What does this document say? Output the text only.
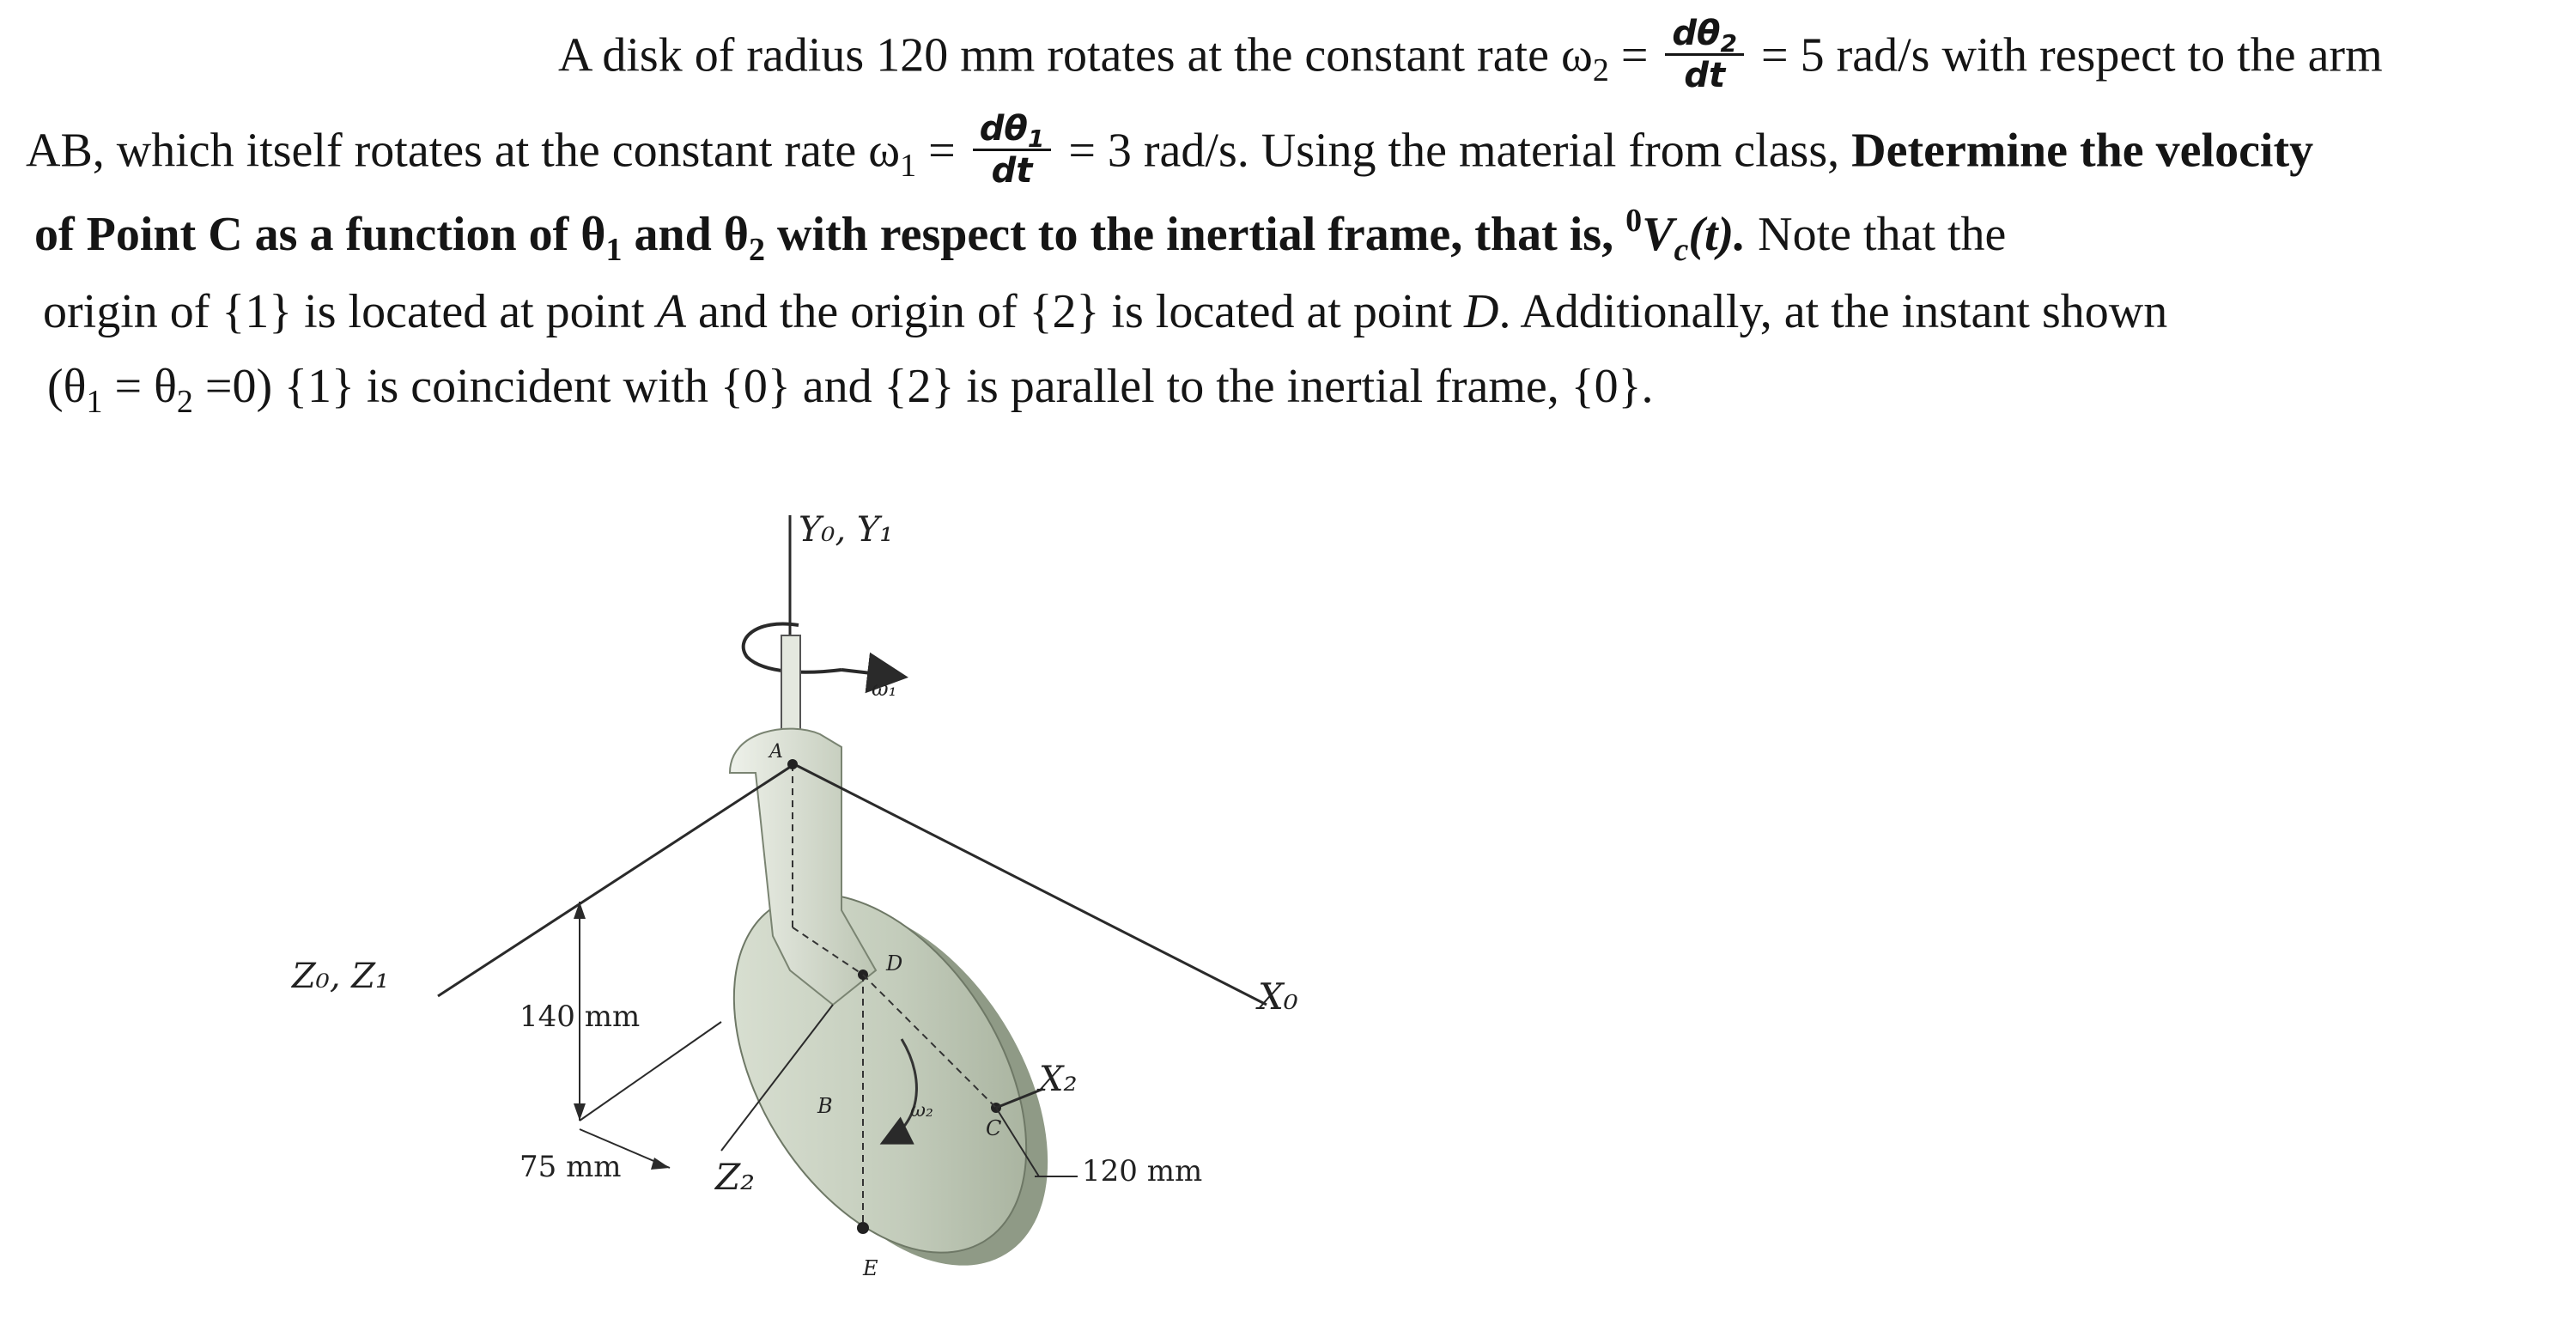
A disk of radius 120 mm rotates at the constant rate $\omega_2 = \frac{d\theta_2}{dt} = 5$ rad/s with respect to the arm
AB, which itself rotates at the constant rate $\omega_1 = \frac{d\theta_1}{dt} = 3$ rad/s. Using the material from class, Determine the velocity
of Point C as a function of $\theta_1$ and $\theta_2$ with respect to the inertial frame, that is, $^0V_c(t)$. Note that the
origin of {1} is located at point A and the origin of {2} is located at point D. Additionally, at the instant shown
$(\theta_1 = \theta_2 =0)$ {1} is coincident with {0} and {2} is parallel to the inertial frame, {0}.
Y₀, Y₁
ω₁
A
Z₀, Z₁	X₀
140 mm
D
B	ω₂
C
X₂
75 mm	Z₂	120 mm
E
